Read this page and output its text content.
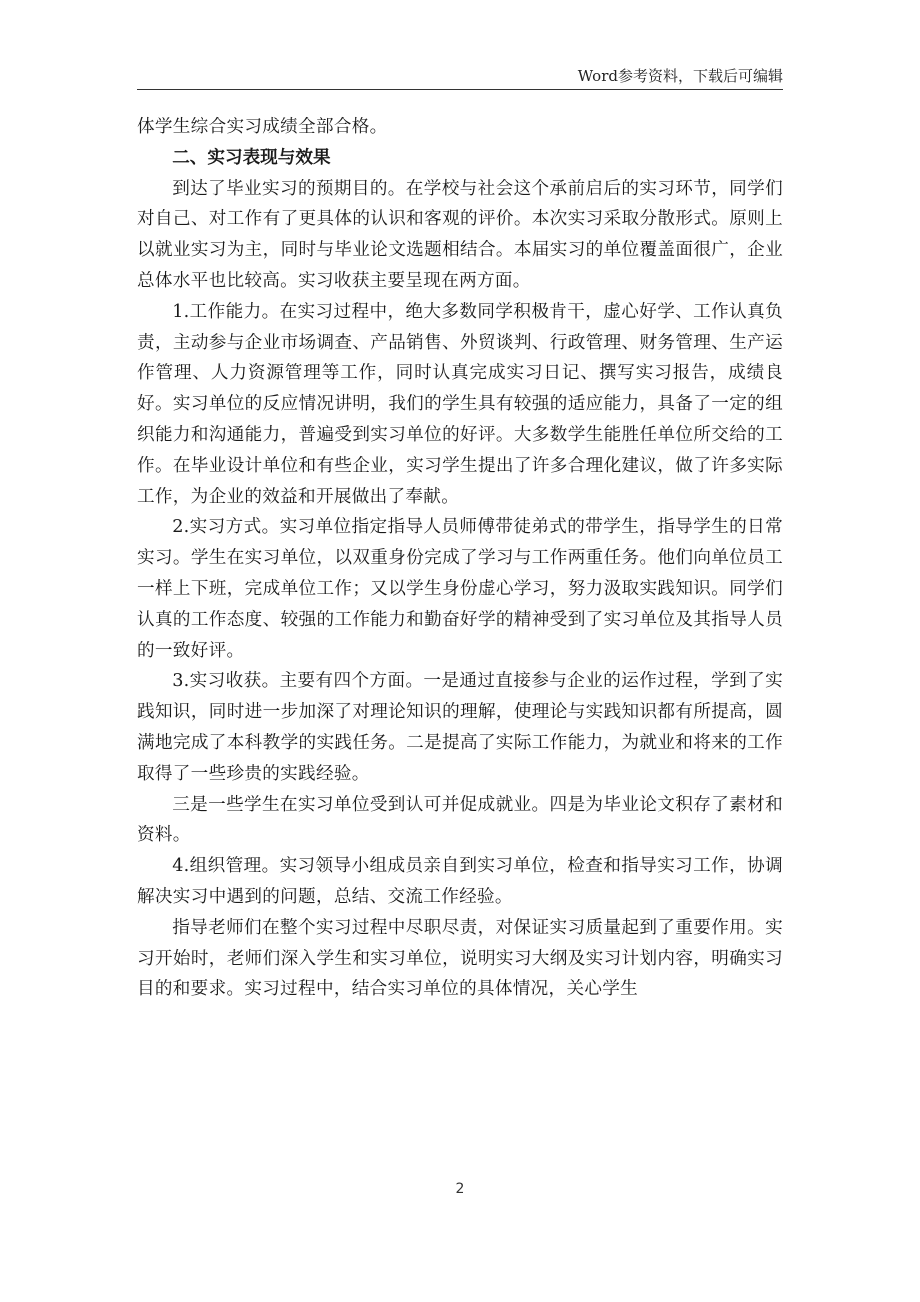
Word参考资料，下载后可编辑

体学生综合实习成绩全部合格。

二、实习表现与效果

到达了毕业实习的预期目的。在学校与社会这个承前启后的实习环节，同学们对自己、对工作有了更具体的认识和客观的评价。本次实习采取分散形式。原则上以就业实习为主，同时与毕业论文选题相结合。本届实习的单位覆盖面很广，企业总体水平也比较高。实习收获主要呈现在两方面。

1.工作能力。在实习过程中，绝大多数同学积极肯干，虚心好学、工作认真负责，主动参与企业市场调查、产品销售、外贸谈判、行政管理、财务管理、生产运作管理、人力资源管理等工作，同时认真完成实习日记、撰写实习报告，成绩良好。实习单位的反应情况讲明，我们的学生具有较强的适应能力，具备了一定的组织能力和沟通能力，普遍受到实习单位的好评。大多数学生能胜任单位所交给的工作。在毕业设计单位和有些企业，实习学生提出了许多合理化建议，做了许多实际工作，为企业的效益和开展做出了奉献。

2.实习方式。实习单位指定指导人员师傅带徒弟式的带学生，指导学生的日常实习。学生在实习单位，以双重身份完成了学习与工作两重任务。他们向单位员工一样上下班，完成单位工作；又以学生身份虚心学习，努力汲取实践知识。同学们认真的工作态度、较强的工作能力和勤奋好学的精神受到了实习单位及其指导人员的一致好评。

3.实习收获。主要有四个方面。一是通过直接参与企业的运作过程，学到了实践知识，同时进一步加深了对理论知识的理解，使理论与实践知识都有所提高，圆满地完成了本科教学的实践任务。二是提高了实际工作能力，为就业和将来的工作取得了一些珍贵的实践经验。

三是一些学生在实习单位受到认可并促成就业。四是为毕业论文积存了素材和资料。

4.组织管理。实习领导小组成员亲自到实习单位，检查和指导实习工作，协调解决实习中遇到的问题，总结、交流工作经验。

指导老师们在整个实习过程中尽职尽责，对保证实习质量起到了重要作用。实习开始时，老师们深入学生和实习单位，说明实习大纲及实习计划内容，明确实习目的和要求。实习过程中，结合实习单位的具体情况，关心学生

2
